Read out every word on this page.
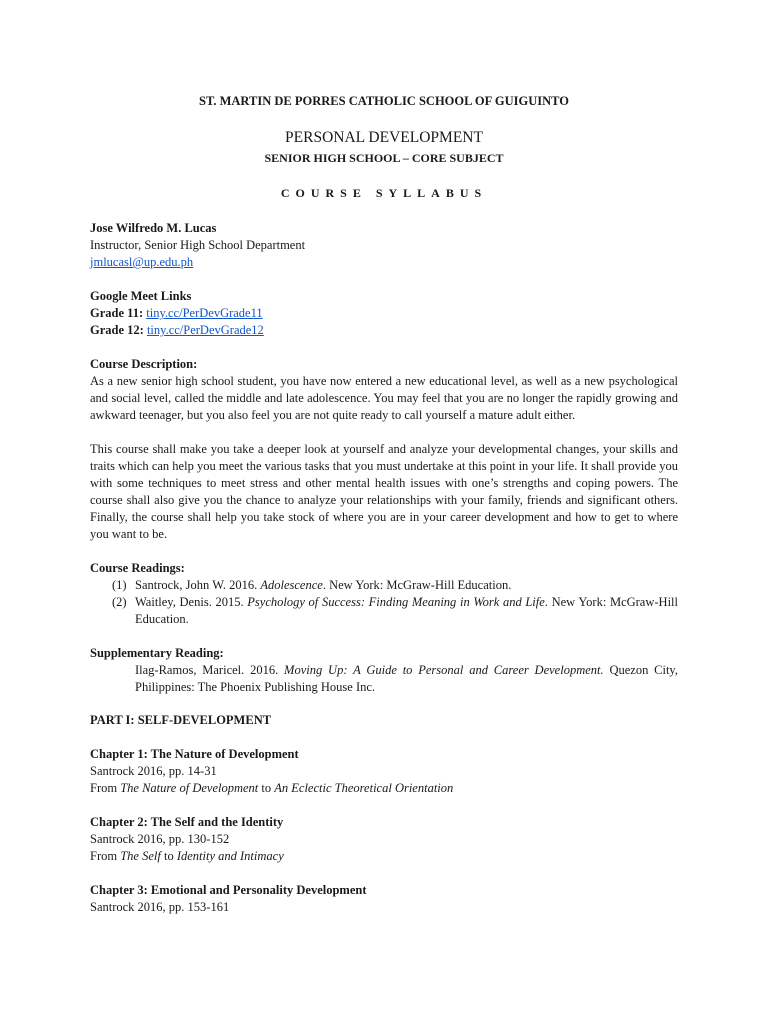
ST. MARTIN DE PORRES CATHOLIC SCHOOL OF GUIGUINTO
PERSONAL DEVELOPMENT
SENIOR HIGH SCHOOL – CORE SUBJECT
COURSE SYLLABUS

Jose Wilfredo M. Lucas

Instructor, Senior High School Department

jmlucasl@up.edu.ph

Google Meet Links

Grade 11: tiny.cc/PerDevGrade11

Grade 12: tiny.cc/PerDevGrade12

Course Description:

As a new senior high school student, you have now entered a new educational level, as well as a new psychological and social level, called the middle and late adolescence. You may feel that you are no longer the rapidly growing and awkward teenager, but you also feel you are not quite ready to call yourself a mature adult either.

This course shall make you take a deeper look at yourself and analyze your developmental changes, your skills and traits which can help you meet the various tasks that you must undertake at this point in your life. It shall provide you with some techniques to meet stress and other mental health issues with one’s strengths and coping powers. The course shall also give you the chance to analyze your relationships with your family, friends and significant others. Finally, the course shall help you take stock of where you are in your career development and how to get to where you want to be.

Course Readings:

(1) Santrock, John W. 2016. Adolescence. New York: McGraw-Hill Education.
(2) Waitley, Denis. 2015. Psychology of Success: Finding Meaning in Work and Life. New York: McGraw-Hill Education.

Supplementary Reading:

Ilag-Ramos, Maricel. 2016. Moving Up: A Guide to Personal and Career Development. Quezon City, Philippines: The Phoenix Publishing House Inc.

PART I: SELF-DEVELOPMENT

Chapter 1: The Nature of Development

Santrock 2016, pp. 14-31

From The Nature of Development to An Eclectic Theoretical Orientation

Chapter 2: The Self and the Identity

Santrock 2016, pp. 130-152

From The Self to Identity and Intimacy

Chapter 3: Emotional and Personality Development

Santrock 2016, pp. 153-161
